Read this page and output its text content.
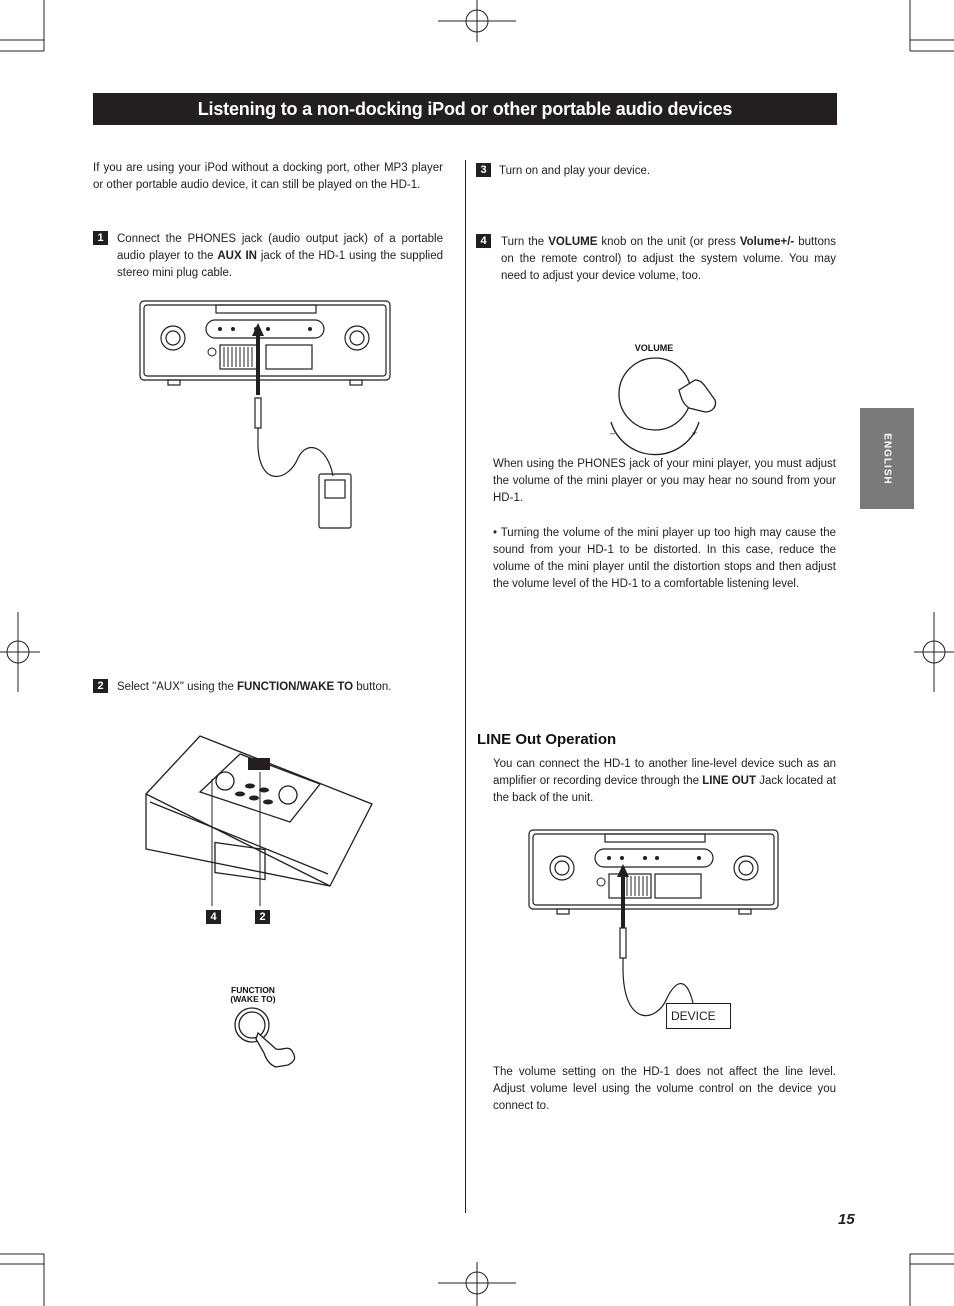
Listening to a non-docking iPod or other portable audio devices
If you are using your iPod without a docking port, other MP3 player or other portable audio device, it can still be played on the HD-1.
1	Connect the PHONES jack (audio output jack) of a portable audio player to the AUX IN jack of the HD-1 using the supplied stereo mini plug cable.
2	Select "AUX" using the FUNCTION/WAKE TO button.
4	2
FUNCTION
(WAKE TO)
3	Turn on and play your device.
4	Turn the VOLUME knob on the unit (or press Volume+/- buttons on the remote control) to adjust the system volume. You may need to adjust your device volume, too.
VOLUME
–	+
When using the PHONES jack of your mini player, you must adjust the volume of the mini player or you may hear no sound from your HD-1.
• Turning the volume of the mini player up too high may cause the sound from your HD-1 to be distorted. In this case, reduce the volume of the mini player until the distortion stops and then adjust the volume level of the HD-1 to a comfortable listening level.
LINE Out Operation
You can connect the HD-1 to another line-level device such as an amplifier or recording device through the LINE OUT Jack located at the back of the unit.
DEVICE
The volume setting on the HD-1 does not affect the line level. Adjust volume level using the volume control on the device you connect to.
ENGLISH
15
